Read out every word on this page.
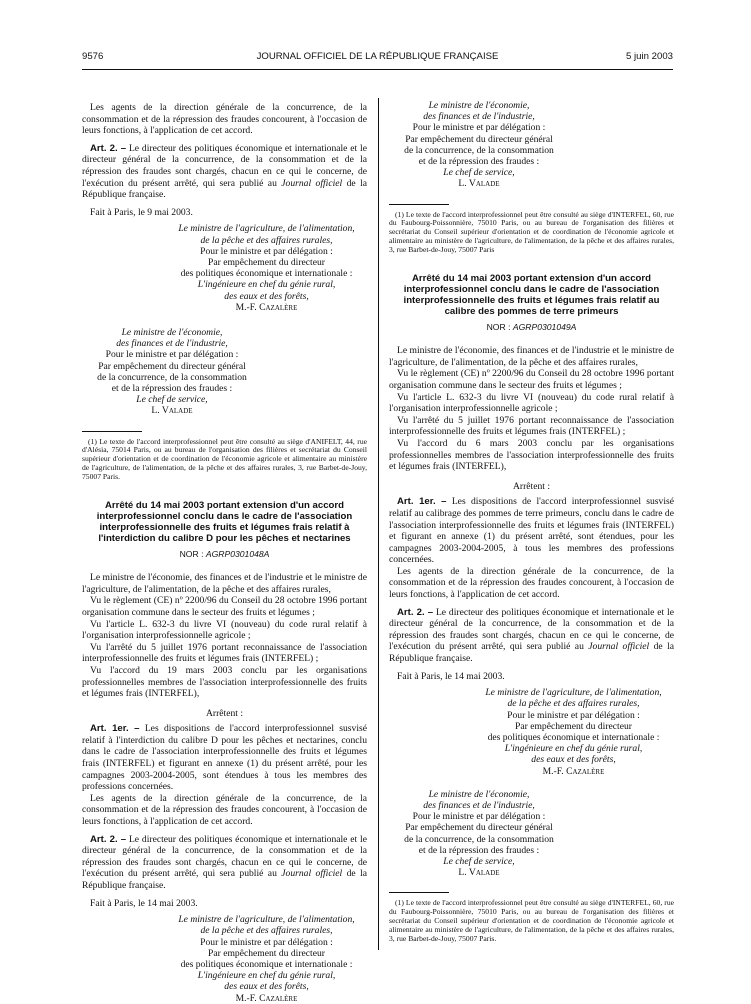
9576	JOURNAL OFFICIEL DE LA RÉPUBLIQUE FRANÇAISE	5 juin 2003

Les agents de la direction générale de la concurrence, de la consommation et de la répression des fraudes concourent, à l'occasion de leurs fonctions, à l'application de cet accord.

Art. 2. – Le directeur des politiques économique et internationale et le directeur général de la concurrence, de la consommation et de la répression des fraudes sont chargés, chacun en ce qui le concerne, de l'exécution du présent arrêté, qui sera publié au Journal officiel de la République française.

Fait à Paris, le 9 mai 2003.

Le ministre de l'agriculture, de l'alimentation,

de la pêche et des affaires rurales,

Pour le ministre et par délégation :

Par empêchement du directeur

des politiques économique et internationale :

L'ingénieure en chef du génie rural,

des eaux et des forêts,

M.-F. Cazalère

Le ministre de l'économie,

des finances et de l'industrie,

Pour le ministre et par délégation :

Par empêchement du directeur général

de la concurrence, de la consommation

et de la répression des fraudes :

Le chef de service,

L. Valade

(1) Le texte de l'accord interprofessionnel peut être consulté au siège d'ANIFELT, 44, rue d'Alésia, 75014 Paris, ou au bureau de l'organisation des filières et secrétariat du Conseil supérieur d'orientation et de coordination de l'économie agricole et alimentaire au ministère de l'agriculture, de l'alimentation, de la pêche et des affaires rurales, 3, rue Barbet-de-Jouy, 75007 Paris.

Arrêté du 14 mai 2003 portant extension d'un accord interprofessionnel conclu dans le cadre de l'association interprofessionnelle des fruits et légumes frais relatif à l'interdiction du calibre D pour les pêches et nectarines

NOR : AGRP0301048A

Le ministre de l'économie, des finances et de l'industrie et le ministre de l'agriculture, de l'alimentation, de la pêche et des affaires rurales,

Vu le règlement (CE) nº 2200/96 du Conseil du 28 octobre 1996 portant organisation commune dans le secteur des fruits et légumes ;

Vu l'article L. 632-3 du livre VI (nouveau) du code rural relatif à l'organisation interprofessionnelle agricole ;

Vu l'arrêté du 5 juillet 1976 portant reconnaissance de l'association interprofessionnelle des fruits et légumes frais (INTERFEL) ;

Vu l'accord du 19 mars 2003 conclu par les organisations professionnelles membres de l'association interprofessionnelle des fruits et légumes frais (INTERFEL),

Arrêtent :

Art. 1er. – Les dispositions de l'accord interprofessionnel susvisé relatif à l'interdiction du calibre D pour les pêches et nectarines, conclu dans le cadre de l'association interprofessionnelle des fruits et légumes frais (INTERFEL) et figurant en annexe (1) du présent arrêté, pour les campagnes 2003-2004-2005, sont étendues à tous les membres des professions concernées.

Les agents de la direction générale de la concurrence, de la consommation et de la répression des fraudes concourent, à l'occasion de leurs fonctions, à l'application de cet accord.

Art. 2. – Le directeur des politiques économique et internationale et le directeur général de la concurrence, de la consommation et de la répression des fraudes sont chargés, chacun en ce qui le concerne, de l'exécution du présent arrêté, qui sera publié au Journal officiel de la République française.

Fait à Paris, le 14 mai 2003.

Le ministre de l'agriculture, de l'alimentation,

de la pêche et des affaires rurales,

Pour le ministre et par délégation :

Par empêchement du directeur

des politiques économique et internationale :

L'ingénieure en chef du génie rural,

des eaux et des forêts,

M.-F. Cazalère

Le ministre de l'économie,

des finances et de l'industrie,

Pour le ministre et par délégation :

Par empêchement du directeur général

de la concurrence, de la consommation

et de la répression des fraudes :

Le chef de service,

L. Valade

(1) Le texte de l'accord interprofessionnel peut être consulté au siège d'INTERFEL, 60, rue du Faubourg-Poissonnière, 75010 Paris, ou au bureau de l'organisation des filières et secrétariat du Conseil supérieur d'orientation et de coordination de l'économie agricole et alimentaire au ministère de l'agriculture, de l'alimentation, de la pêche et des affaires rurales, 3, rue Barbet-de-Jouy, 75007 Paris

Arrêté du 14 mai 2003 portant extension d'un accord interprofessionnel conclu dans le cadre de l'association interprofessionnelle des fruits et légumes frais relatif au calibre des pommes de terre primeurs

NOR : AGRP0301049A

Le ministre de l'économie, des finances et de l'industrie et le ministre de l'agriculture, de l'alimentation, de la pêche et des affaires rurales,

Vu le règlement (CE) nº 2200/96 du Conseil du 28 octobre 1996 portant organisation commune dans le secteur des fruits et légumes ;

Vu l'article L. 632-3 du livre VI (nouveau) du code rural relatif à l'organisation interprofessionnelle agricole ;

Vu l'arrêté du 5 juillet 1976 portant reconnaissance de l'association interprofessionnelle des fruits et légumes frais (INTERFEL) ;

Vu l'accord du 6 mars 2003 conclu par les organisations professionnelles membres de l'association interprofessionnelle des fruits et légumes frais (INTERFEL),

Arrêtent :

Art. 1er. – Les dispositions de l'accord interprofessionnel susvisé relatif au calibrage des pommes de terre primeurs, conclu dans le cadre de l'association interprofessionnelle des fruits et légumes frais (INTERFEL) et figurant en annexe (1) du présent arrêté, sont étendues, pour les campagnes 2003-2004-2005, à tous les membres des professions concernées.

Les agents de la direction générale de la concurrence, de la consommation et de la répression des fraudes concourent, à l'occasion de leurs fonctions, à l'application de cet accord.

Art. 2. – Le directeur des politiques économique et internationale et le directeur général de la concurrence, de la consommation et de la répression des fraudes sont chargés, chacun en ce qui le concerne, de l'exécution du présent arrêté, qui sera publié au Journal officiel de la République française.

Fait à Paris, le 14 mai 2003.

Le ministre de l'agriculture, de l'alimentation,

de la pêche et des affaires rurales,

Pour le ministre et par délégation :

Par empêchement du directeur

des politiques économique et internationale :

L'ingénieure en chef du génie rural,

des eaux et des forêts,

M.-F. Cazalère

Le ministre de l'économie,

des finances et de l'industrie,

Pour le ministre et par délégation :

Par empêchement du directeur général

de la concurrence, de la consommation

et de la répression des fraudes :

Le chef de service,

L. Valade

(1) Le texte de l'accord interprofessionnel peut être consulté au siège d'INTERFEL, 60, rue du Faubourg-Poissonnière, 75010 Paris, ou au bureau de l'organisation des filières et secrétariat du Conseil supérieur d'orientation et de coordination de l'économie agricole et alimentaire au ministère de l'agriculture, de l'alimentation, de la pêche et des affaires rurales, 3, rue Barbet-de-Jouy, 75007 Paris.
